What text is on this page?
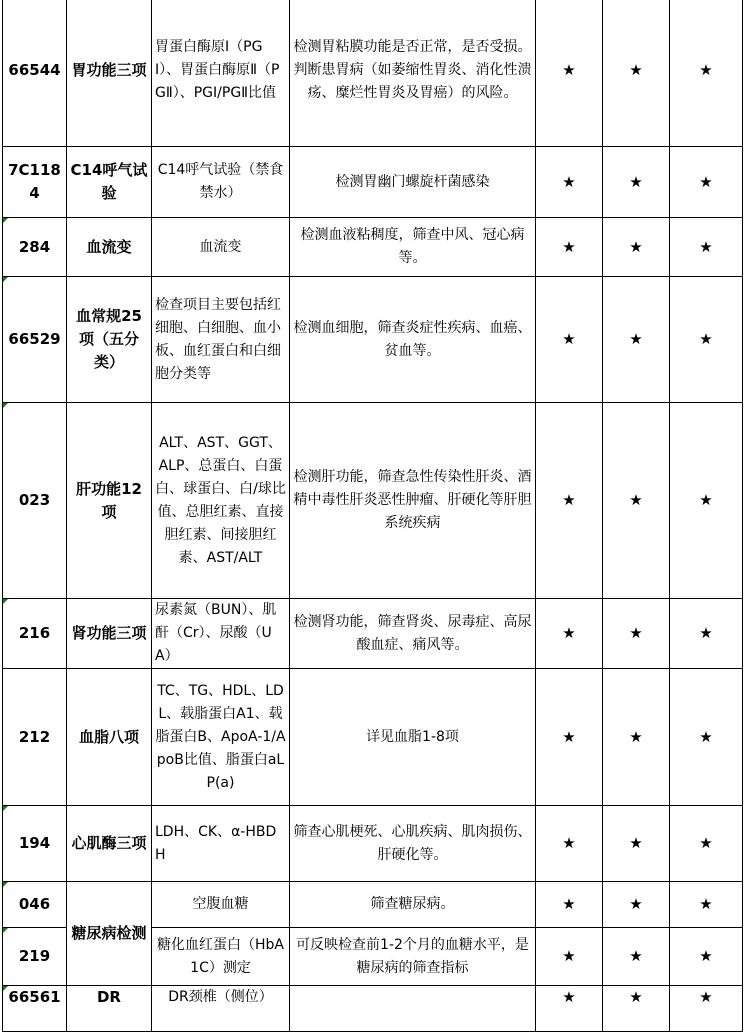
66544	胃功能三项	胃蛋白酶原Ⅰ（PGⅠ）、胃蛋白酶原Ⅱ（PGⅡ）、PGⅠ/PGⅡ比值	检测胃粘膜功能是否正常，是否受损。判断患胃病（如萎缩性胃炎、消化性溃疡、糜烂性胃炎及胃癌）的风险。	★	★	★
7C1184	C14呼气试验	C14呼气试验（禁食禁水）	检测胃幽门螺旋杆菌感染	★	★	★
284	血流变	血流变	检测血液粘稠度，筛查中风、冠心病等。	★	★	★
66529	血常规25项（五分类）	检查项目主要包括红细胞、白细胞、血小板、血红蛋白和白细胞分类等	检测血细胞，筛查炎症性疾病、血癌、贫血等。	★	★	★
023	肝功能12项	ALT、AST、GGT、ALP、总蛋白、白蛋白、球蛋白、白/球比值、总胆红素、直接胆红素、间接胆红素、AST/ALT	检测肝功能，筛查急性传染性肝炎、酒精中毒性肝炎恶性肿瘤、肝硬化等肝胆系统疾病	★	★	★
216	肾功能三项	尿素氮（BUN）、肌酐（Cr）、尿酸（UA）	检测肾功能，筛查肾炎、尿毒症、高尿酸血症、痛风等。	★	★	★
212	血脂八项	TC、TG、HDL、LDL、载脂蛋白A1、载脂蛋白B、ApoA-1/ApoB比值、脂蛋白aLP(a)	详见血脂1-8项	★	★	★
194	心肌酶三项	LDH、CK、α-HBDH	筛查心肌梗死、心肌疾病、肌肉损伤、肝硬化等。	★	★	★
046	糖尿病检测	空腹血糖	筛查糖尿病。	★	★	★
219		糖化血红蛋白（HbA1C）测定	可反映检查前1-2个月的血糖水平，是糖尿病的筛查指标	★	★	★
66561	DR	DR颈椎（侧位）		★	★	★
